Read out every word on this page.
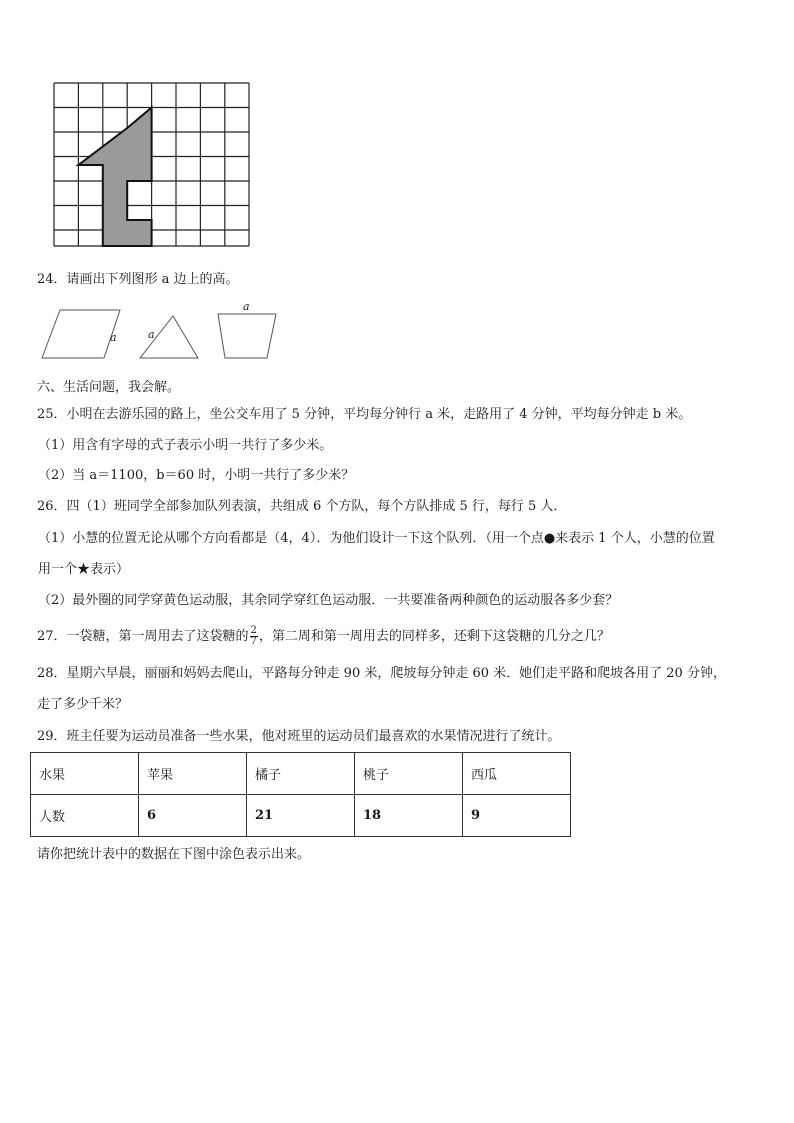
24．请画出下列图形 a 边上的高。
a	a
a
六、生活问题，我会解。
25．小明在去游乐园的路上，坐公交车用了 5 分钟，平均每分钟行 a 米，走路用了 4 分钟，平均每分钟走 b 米。
（1）用含有字母的式子表示小明一共行了多少米。
（2）当 a＝1100，b＝60 时，小明一共行了多少米？
26．四（1）班同学全部参加队列表演，共组成 6 个方队，每个方队排成 5 行，每行 5 人．
（1）小慧的位置无论从哪个方向看都是（4，4）．为他们设计一下这个队列．（用一个点●来表示 1 个人，小慧的位置
用一个★表示）
（2）最外圈的同学穿黄色运动服，其余同学穿红色运动服．一共要准备两种颜色的运动服各多少套？
27．一袋糖，第一周用去了这袋糖的 $\frac{2}{7}$ ，第二周和第一周用去的同样多，还剩下这袋糖的几分之几？
28．星期六早晨，丽丽和妈妈去爬山，平路每分钟走 90 米，爬坡每分钟走 60 米．她们走平路和爬坡各用了 20 分钟，
走了多少千米？
29．班主任要为运动员准备一些水果，他对班里的运动员们最喜欢的水果情况进行了统计。
水果	苹果	橘子	桃子	西瓜
人数	6	21	18	9
请你把统计表中的数据在下图中涂色表示出来。
